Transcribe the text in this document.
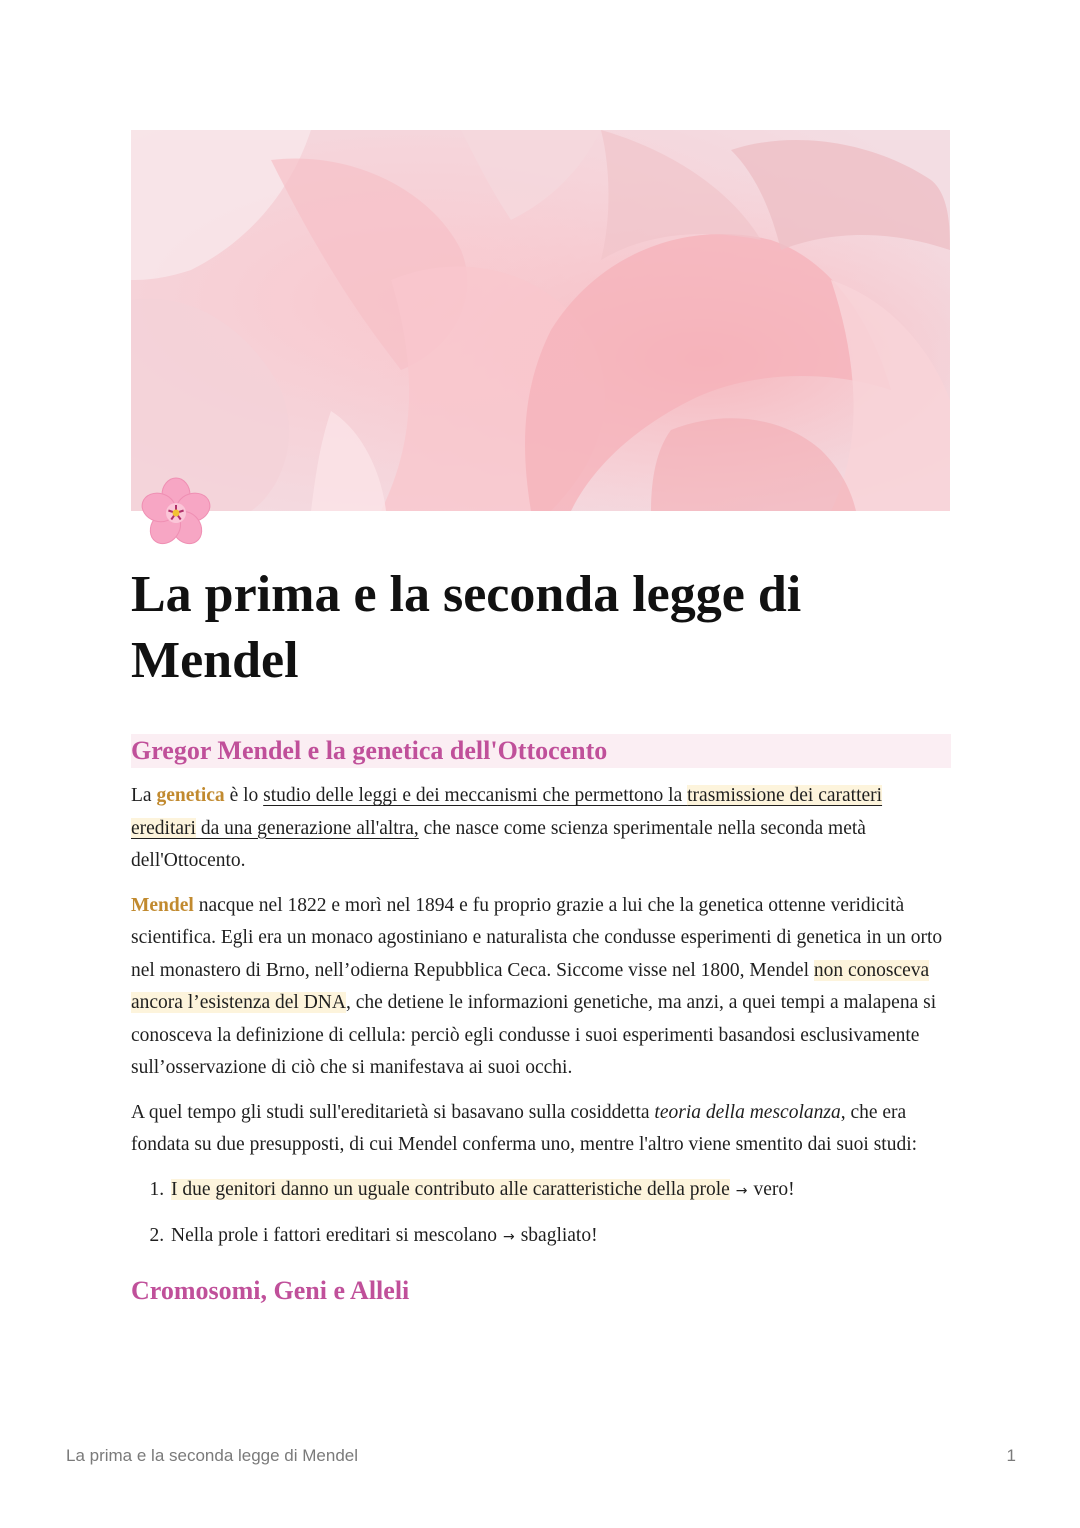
La prima e la seconda legge di Mendel
Gregor Mendel e la genetica dell'Ottocento

La genetica è lo studio delle leggi e dei meccanismi che permettono la trasmissione dei caratteri ereditari da una generazione all'altra, che nasce come scienza sperimentale nella seconda metà dell'Ottocento.

Mendel nacque nel 1822 e morì nel 1894 e fu proprio grazie a lui che la genetica ottenne veridicità scientifica. Egli era un monaco agostiniano e naturalista che condusse esperimenti di genetica in un orto nel monastero di Brno, nell’odierna Repubblica Ceca. Siccome visse nel 1800, Mendel non conosceva ancora l’esistenza del DNA, che detiene le informazioni genetiche, ma anzi, a quei tempi a malapena si conosceva la definizione di cellula: perciò egli condusse i suoi esperimenti basandosi esclusivamente sull’osservazione di ciò che si manifestava ai suoi occhi.

A quel tempo gli studi sull'ereditarietà si basavano sulla cosiddetta teoria della mescolanza, che era fondata su due presupposti, di cui Mendel conferma uno, mentre l'altro viene smentito dai suoi studi:

1. I due genitori danno un uguale contributo alle caratteristiche della prole → vero!
2. Nella prole i fattori ereditari si mescolano → sbagliato!
Cromosomi, Geni e Alleli
La prima e la seconda legge di Mendel	1
